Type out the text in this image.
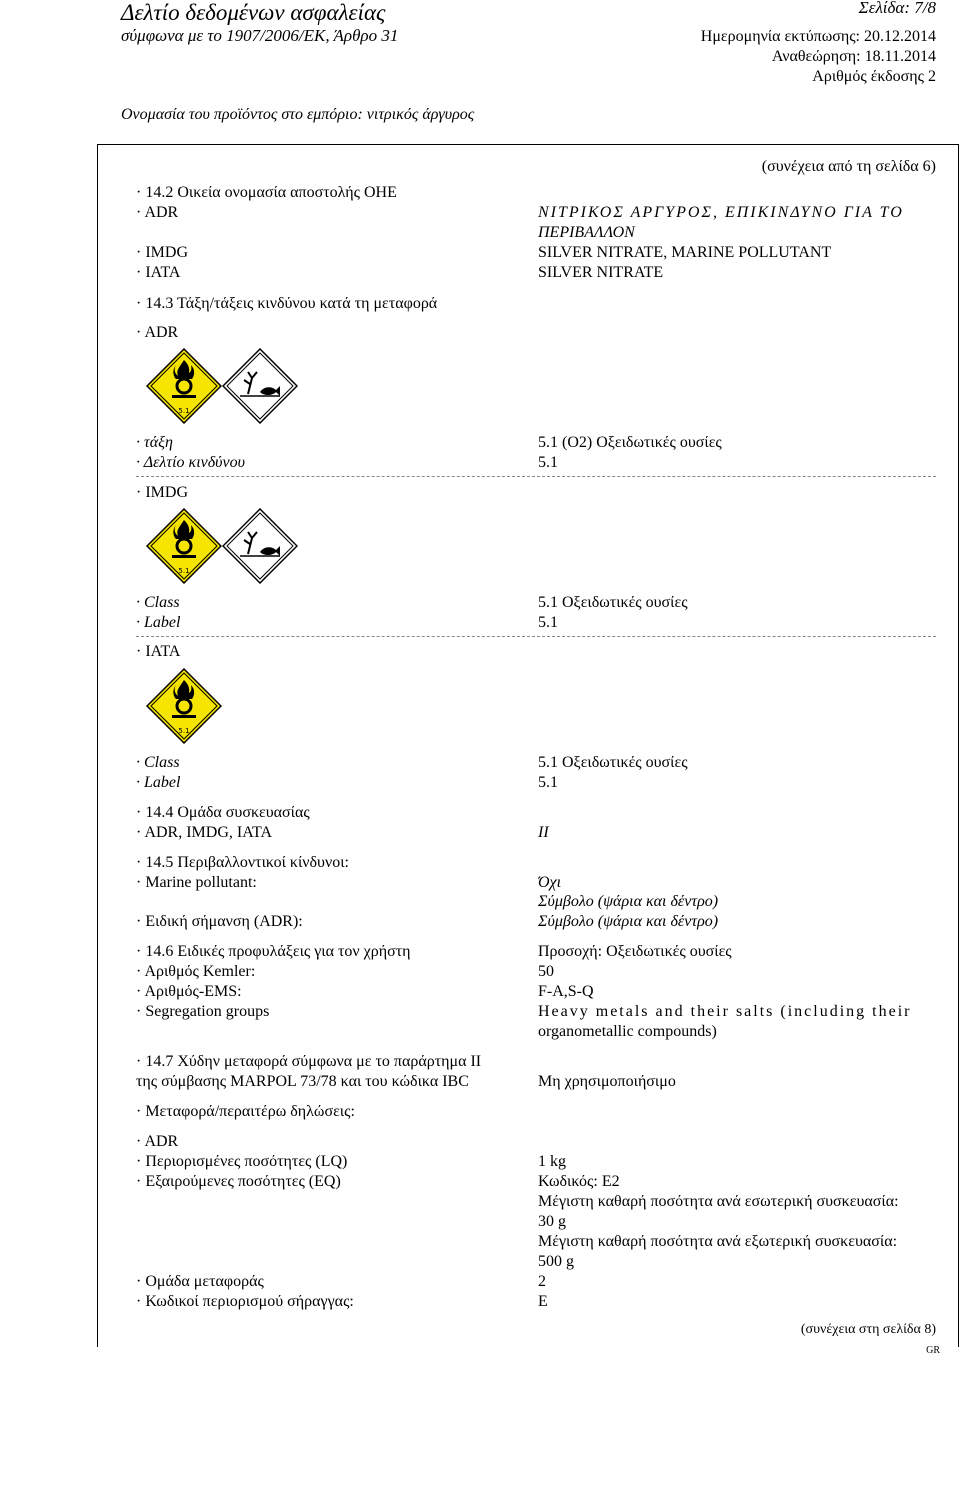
Δελτίο δεδομένων ασφαλείας
σύμφωνα με το 1907/2006/ΕΚ, Άρθρο 31
Σελίδα: 7/8
Ημερομηνία εκτύπωσης: 20.12.2014
Αναθεώρηση: 18.11.2014
Αριθμός έκδοσης 2
Ονομασία του προϊόντος στο εμπόριο: νιτρικός άργυρος
(συνέχεια από τη σελίδα 6)
· 14.2 Οικεία ονομασία αποστολής ΟΗΕ
· ADR	ΝΙΤΡΙΚΟΣ ΑΡΓΥΡΟΣ, ΕΠΙΚΙΝΔΥΝΟ ΓΙΑ ΤΟ
ΠΕΡΙΒΑΛΛΟΝ
· IMDG	SILVER NITRATE, MARINE POLLUTANT
· IATA	SILVER NITRATE
· 14.3 Τάξη/τάξεις κινδύνου κατά τη μεταφορά
· ADR
5.1
· τάξη	5.1 (O2) Οξειδωτικές ουσίες
· Δελτίο κινδύνου	5.1
· IMDG
5.1
· Class	5.1 Οξειδωτικές ουσίες
· Label	5.1
· IATA
5.1
· Class	5.1 Οξειδωτικές ουσίες
· Label	5.1
· 14.4 Ομάδα συσκευασίας
· ADR, IMDG, IATA	II
· 14.5 Περιβαλλοντικοί κίνδυνοι:
· Marine pollutant:	Όχι
Σύμβολο (ψάρια και δέντρο)
· Ειδική σήμανση (ADR):	Σύμβολο (ψάρια και δέντρο)
· 14.6 Ειδικές προφυλάξεις για τον χρήστη	Προσοχή: Οξειδωτικές ουσίες
· Αριθμός Kemler:	50
· Αριθμός-EMS:	F-A,S-Q
· Segregation groups	Heavy metals and their salts (including their
organometallic compounds)
· 14.7 Χύδην μεταφορά σύμφωνα με το παράρτημα II
της σύμβασης MARPOL 73/78 και του κώδικα IBC	Μη χρησιμοποιήσιμο
· Μεταφορά/περαιτέρω δηλώσεις:
· ADR
· Περιορισμένες ποσότητες (LQ)	1 kg
· Εξαιρούμενες ποσότητες (EQ)	Κωδικός: E2
Μέγιστη καθαρή ποσότητα ανά εσωτερική συσκευασία:
30 g
Μέγιστη καθαρή ποσότητα ανά εξωτερική συσκευασία:
500 g
· Ομάδα μεταφοράς	2
· Κωδικοί περιορισμού σήραγγας:	E
(συνέχεια στη σελίδα 8)
GR
